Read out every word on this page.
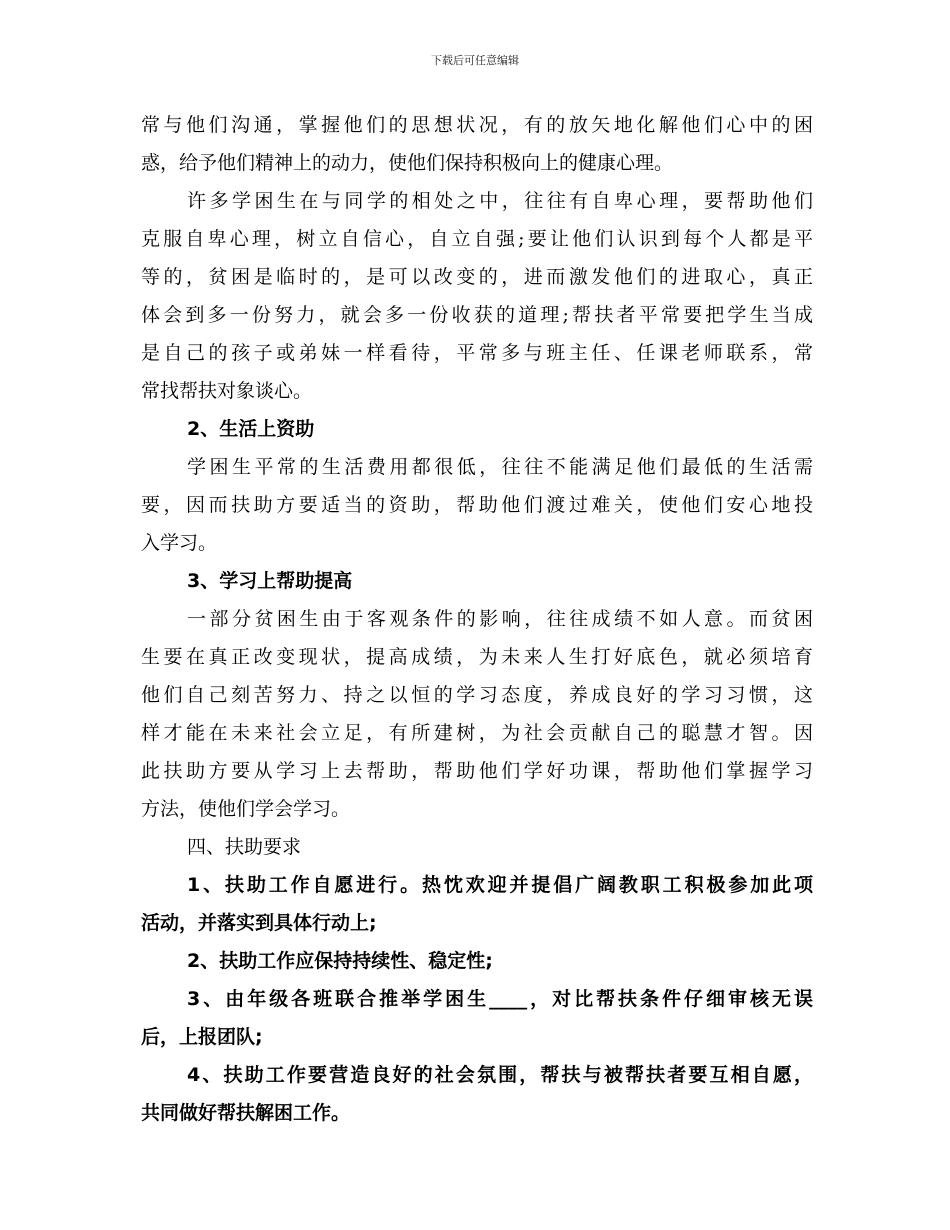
下载后可任意编辑
常与他们沟通，掌握他们的思想状况，有的放矢地化解他们心中的困
惑，给予他们精神上的动力，使他们保持积极向上的健康心理。
许多学困生在与同学的相处之中，往往有自卑心理，要帮助他们
克服自卑心理，树立自信心，自立自强;要让他们认识到每个人都是平
等的，贫困是临时的，是可以改变的，进而激发他们的进取心，真正
体会到多一份努力，就会多一份收获的道理;帮扶者平常要把学生当成
是自己的孩子或弟妹一样看待，平常多与班主任、任课老师联系，常
常找帮扶对象谈心。
2、生活上资助
学困生平常的生活费用都很低，往往不能满足他们最低的生活需
要，因而扶助方要适当的资助，帮助他们渡过难关，使他们安心地投
入学习。
3、学习上帮助提高
一部分贫困生由于客观条件的影响，往往成绩不如人意。而贫困
生要在真正改变现状，提高成绩，为未来人生打好底色，就必须培育
他们自己刻苦努力、持之以恒的学习态度，养成良好的学习习惯，这
样才能在未来社会立足，有所建树，为社会贡献自己的聪慧才智。因
此扶助方要从学习上去帮助，帮助他们学好功课，帮助他们掌握学习
方法，使他们学会学习。
四、扶助要求
1、扶助工作自愿进行。热忱欢迎并提倡广阔教职工积极参加此项
活动，并落实到具体行动上;
2、扶助工作应保持持续性、稳定性;
3、由年级各班联合推举学困生____，对比帮扶条件仔细审核无误
后，上报团队;
4、扶助工作要营造良好的社会氛围，帮扶与被帮扶者要互相自愿，
共同做好帮扶解困工作。
